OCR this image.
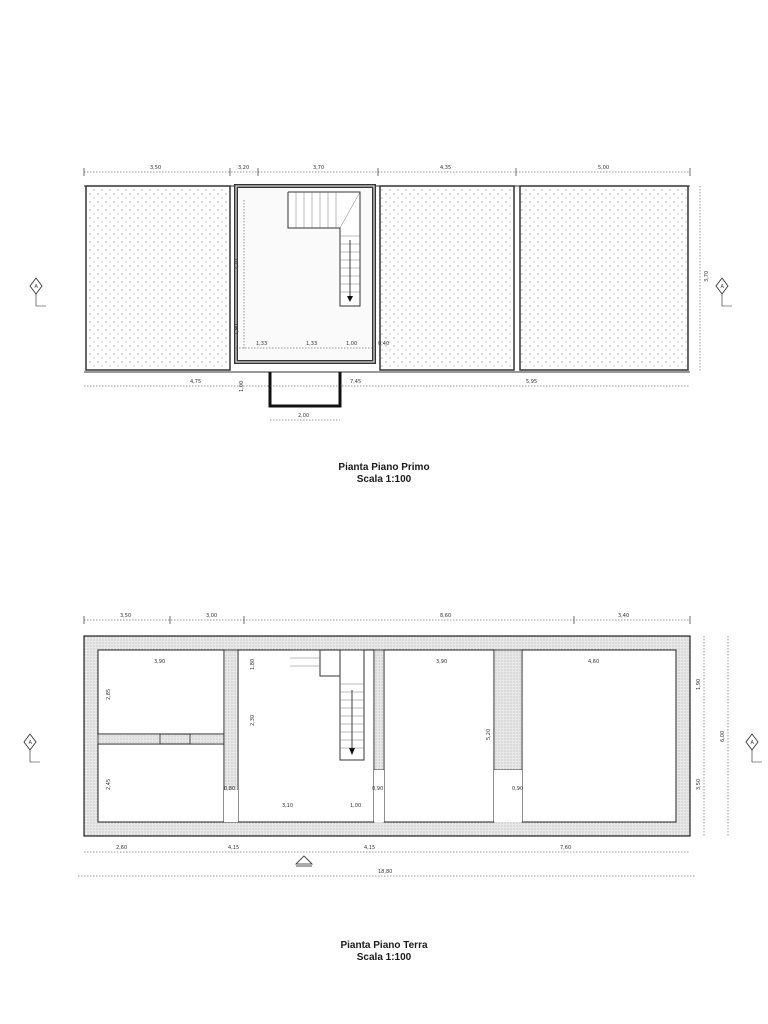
3,50	3,20	3,70	4,35	5,00
2,20
1,90
3,70
1,33	1,33	1,00	0,40
2,00
4,75	1,00	7,45	5,95
A	A
3,50	3,00	8,60	3,40
3,90	3,90	4,60
3,10	1,00
0,80	0,90	0,90
2,85
2,45
1,80
2,30
5,20
1,90
3,50
6,00
2,60	4,15	4,15	7,60
18,80
A	A
Pianta Piano Primo
Scala 1:100
Pianta Piano Terra
Scala 1:100
